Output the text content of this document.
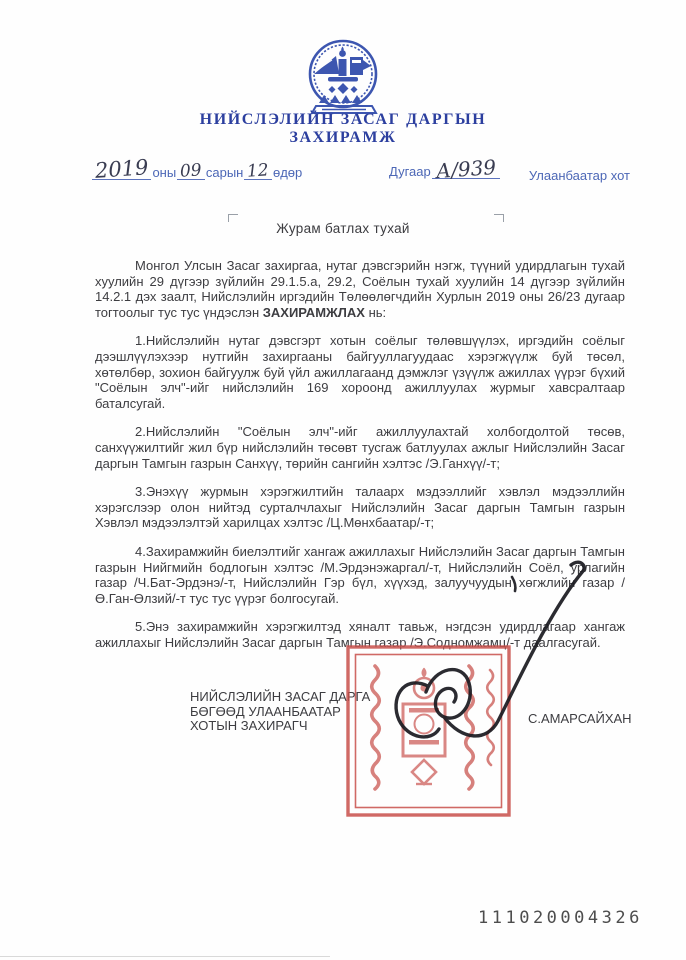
НИЙСЛЭЛИЙН ЗАСАГ ДАРГЫН
ЗАХИРАМЖ
2019 оны 09 сарын 12 өдөр	Дугаар А/939 Улаанбаатар хот
Журам батлах тухай

Монгол Улсын Засаг захиргаа, нутаг дэвсгэрийн нэгж, түүний удирдлагын тухай хуулийн 29 дүгээр зүйлийн 29.1.5.а, 29.2, Соёлын тухай хуулийн 14 дүгээр зүйлийн 14.2.1 дэх заалт, Нийслэлийн иргэдийн Төлөөлөгчдийн Хурлын 2019 оны 26/23 дугаар тогтоолыг тус тус үндэслэн ЗАХИРАМЖЛАХ нь:

1.Нийслэлийн нутаг дэвсгэрт хотын соёлыг төлөвшүүлэх, иргэдийн соёлыг дээшлүүлэхээр нутгийн захиргааны байгууллагуудаас хэрэгжүүлж буй төсөл, хөтөлбөр, зохион байгуулж буй үйл ажиллагаанд дэмжлэг үзүүлж ажиллах үүрэг бүхий "Соёлын элч"-ийг нийслэлийн 169 хороонд ажиллуулах журмыг хавсралтаар баталсугай.

2.Нийслэлийн "Соёлын элч"-ийг ажиллуулахтай холбогдолтой төсөв, санхүүжилтийг жил бүр нийслэлийн төсөвт тусгаж батлуулах ажлыг Нийслэлийн Засаг даргын Тамгын газрын Санхүү, төрийн сангийн хэлтэс /Э.Ганхүү/-т;

3.Энэхүү журмын хэрэгжилтийн талаарх мэдээллийг хэвлэл мэдээллийн хэрэгслээр олон нийтэд сурталчлахыг Нийслэлийн Засаг даргын Тамгын газрын Хэвлэл мэдээлэлтэй харилцах хэлтэс /Ц.Мөнхбаатар/-т;

4.Захирамжийн биелэлтийг хангаж ажиллахыг Нийслэлийн Засаг даргын Тамгын газрын Нийгмийн бодлогын хэлтэс /М.Эрдэнэжаргал/-т, Нийслэлийн Соёл, урлагийн газар /Ч.Бат-Эрдэнэ/-т, Нийслэлийн Гэр бүл, хүүхэд, залуучуудын хөгжлийн газар /Ө.Ган-Өлзий/-т тус тус үүрэг болгосугай.

5.Энэ захирамжийн хэрэгжилтэд хяналт тавьж, нэгдсэн удирдлагаар хангаж ажиллахыг Нийслэлийн Засаг даргын Тамгын газар /Э.Содномжамц/-т даалгасугай.

НИЙСЛЭЛИЙН ЗАСАГ ДАРГА
БӨГӨӨД УЛААНБААТАР
ХОТЫН ЗАХИРАГЧ	С.АМАРСАЙХАН
111020004326
